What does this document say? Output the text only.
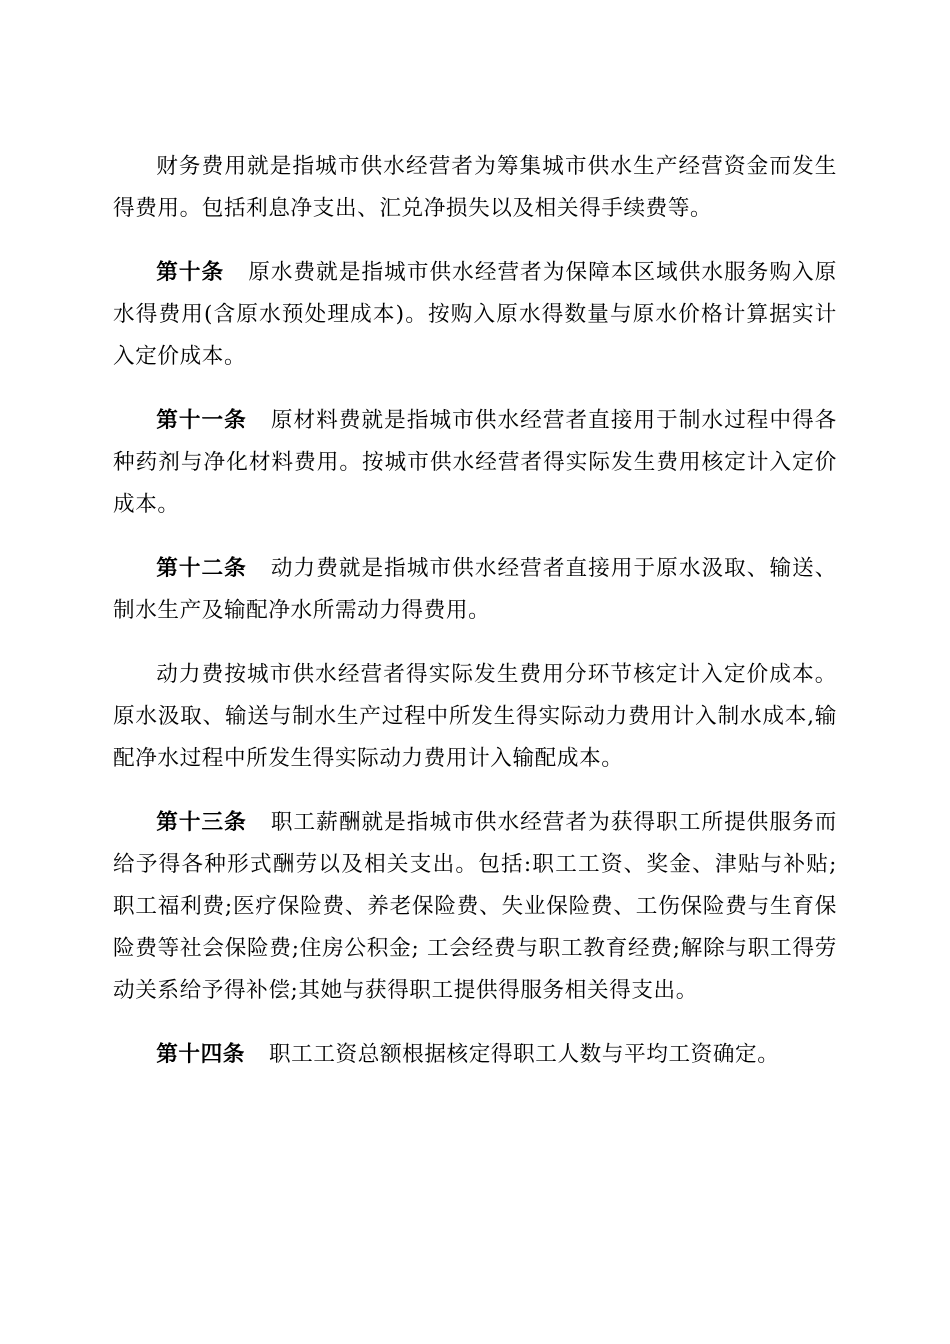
财务费用就是指城市供水经营者为筹集城市供水生产经营资金而发生得费用。包括利息净支出、汇兑净损失以及相关得手续费等。

第十条 原水费就是指城市供水经营者为保障本区域供水服务购入原水得费用(含原水预处理成本)。按购入原水得数量与原水价格计算据实计入定价成本。

第十一条 原材料费就是指城市供水经营者直接用于制水过程中得各种药剂与净化材料费用。按城市供水经营者得实际发生费用核定计入定价成本。

第十二条 动力费就是指城市供水经营者直接用于原水汲取、输送、制水生产及输配净水所需动力得费用。

动力费按城市供水经营者得实际发生费用分环节核定计入定价成本。原水汲取、输送与制水生产过程中所发生得实际动力费用计入制水成本,输配净水过程中所发生得实际动力费用计入输配成本。

第十三条 职工薪酬就是指城市供水经营者为获得职工所提供服务而给予得各种形式酬劳以及相关支出。包括:职工工资、奖金、津贴与补贴;职工福利费;医疗保险费、养老保险费、失业保险费、工伤保险费与生育保险费等社会保险费;住房公积金; 工会经费与职工教育经费;解除与职工得劳动关系给予得补偿;其她与获得职工提供得服务相关得支出。

第十四条 职工工资总额根据核定得职工人数与平均工资确定。
